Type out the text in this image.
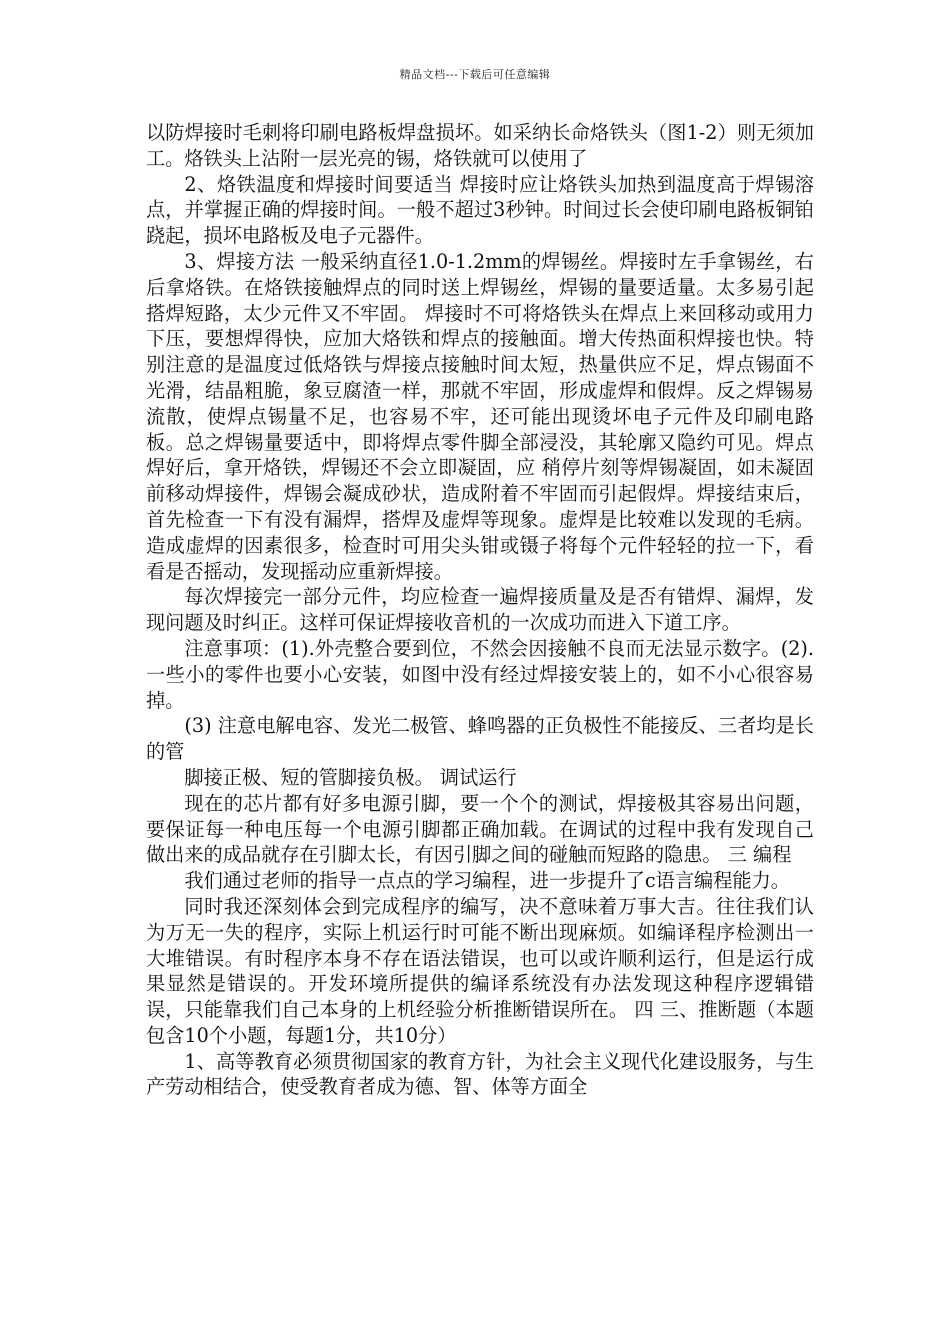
精品文档---下载后可任意编辑

以防焊接时毛刺将印刷电路板焊盘损坏。如采纳长命烙铁头（图1-2）则无须加工。烙铁头上沾附一层光亮的锡，烙铁就可以使用了

2、烙铁温度和焊接时间要适当 焊接时应让烙铁头加热到温度高于焊锡溶点，并掌握正确的焊接时间。一般不超过3秒钟。时间过长会使印刷电路板铜铂跷起，损坏电路板及电子元器件。

3、焊接方法 一般采纳直径1.0-1.2mm的焊锡丝。焊接时左手拿锡丝，右后拿烙铁。在烙铁接触焊点的同时送上焊锡丝，焊锡的量要适量。太多易引起搭焊短路，太少元件又不牢固。 焊接时不可将烙铁头在焊点上来回移动或用力下压，要想焊得快，应加大烙铁和焊点的接触面。增大传热面积焊接也快。特别注意的是温度过低烙铁与焊接点接触时间太短，热量供应不足，焊点锡面不光滑，结晶粗脆，象豆腐渣一样，那就不牢固，形成虚焊和假焊。反之焊锡易流散，使焊点锡量不足，也容易不牢，还可能出现烫坏电子元件及印刷电路板。总之焊锡量要适中，即将焊点零件脚全部浸没，其轮廓又隐约可见。焊点焊好后，拿开烙铁，焊锡还不会立即凝固，应 稍停片刻等焊锡凝固，如未凝固前移动焊接件，焊锡会凝成砂状，造成附着不牢固而引起假焊。焊接结束后，首先检查一下有没有漏焊，搭焊及虚焊等现象。虚焊是比较难以发现的毛病。造成虚焊的因素很多，检查时可用尖头钳或镊子将每个元件轻轻的拉一下，看看是否摇动，发现摇动应重新焊接。

每次焊接完一部分元件，均应检查一遍焊接质量及是否有错焊、漏焊，发现问题及时纠正。这样可保证焊接收音机的一次成功而进入下道工序。

注意事项：(1).外壳整合要到位，不然会因接触不良而无法显示数字。(2).一些小的零件也要小心安装，如图中没有经过焊接安装上的，如不小心很容易掉。

(3) 注意电解电容、发光二极管、蜂鸣器的正负极性不能接反、三者均是长的管

脚接正极、短的管脚接负极。 调试运行

现在的芯片都有好多电源引脚，要一个个的测试，焊接极其容易出问题，要保证每一种电压每一个电源引脚都正确加载。在调试的过程中我有发现自己做出来的成品就存在引脚太长，有因引脚之间的碰触而短路的隐患。 三 编程

我们通过老师的指导一点点的学习编程，进一步提升了c语言编程能力。

同时我还深刻体会到完成程序的编写，决不意味着万事大吉。往往我们认为万无一失的程序，实际上机运行时可能不断出现麻烦。如编译程序检测出一大堆错误。有时程序本身不存在语法错误，也可以或许顺利运行，但是运行成果显然是错误的。开发环境所提供的编译系统没有办法发现这种程序逻辑错误，只能靠我们自己本身的上机经验分析推断错误所在。 四 三、推断题（本题包含10个小题，每题1分，共10分）

1、高等教育必须贯彻国家的教育方针，为社会主义现代化建设服务，与生产劳动相结合，使受教育者成为德、智、体等方面全
